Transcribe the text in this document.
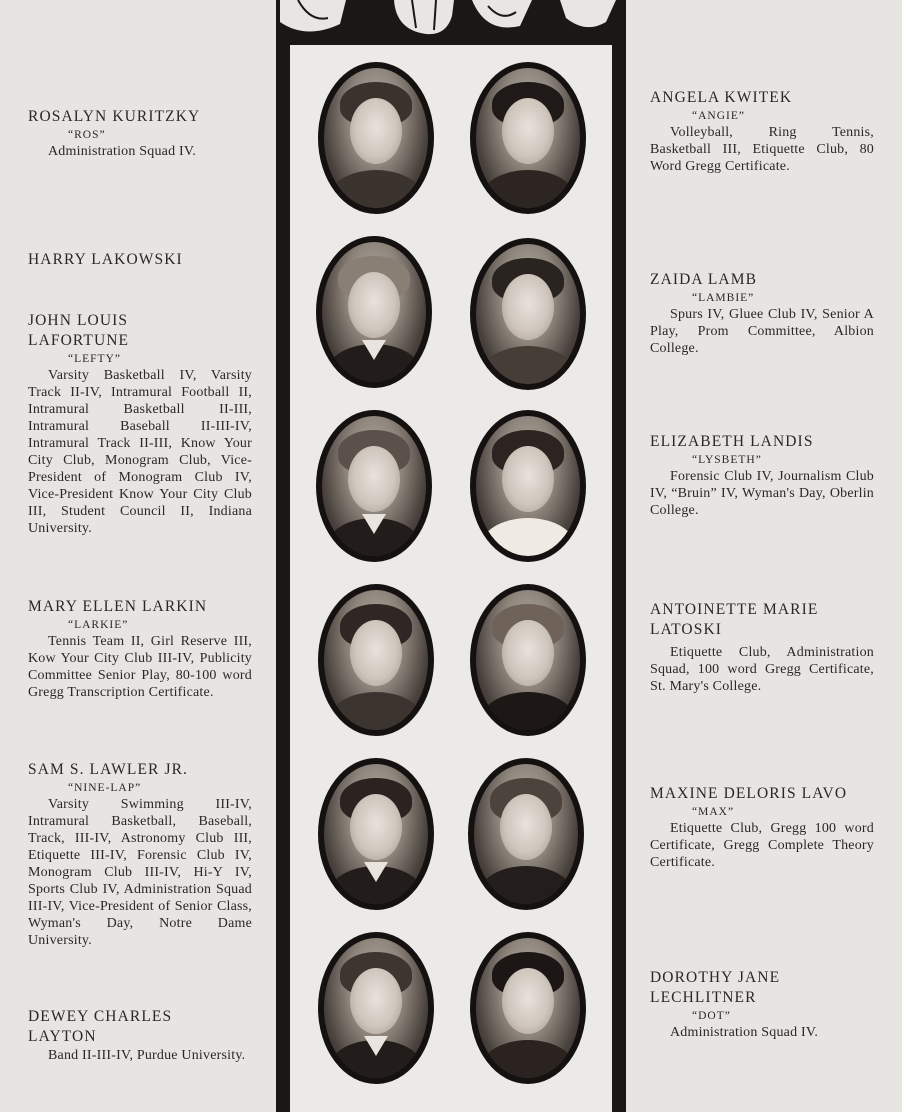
ROSALYN KURITZKY
“ROS”
Administration Squad IV.
HARRY LAKOWSKI
JOHN LOUIS
LAFORTUNE
“LEFTY”
Varsity Basketball IV, Varsity Track II-IV, Intramural Football II, Intramural Basketball II-III, Intramural Baseball II-III-IV, Intramural Track II-III, Know Your City Club, Monogram Club, Vice-President of Monogram Club IV, Vice-President Know Your City Club III, Student Council II, Indiana University.
MARY ELLEN LARKIN
“LARKIE”
Tennis Team II, Girl Reserve III, Kow Your City Club III-IV, Publicity Committee Senior Play, 80-100 word Gregg Transcription Certificate.
SAM S. LAWLER JR.
“NINE-LAP”
Varsity Swimming III-IV, Intramural Basketball, Baseball, Track, III-IV, Astronomy Club III, Etiquette III-IV, Forensic Club IV, Monogram Club III-IV, Hi-Y IV, Sports Club IV, Administration Squad III-IV, Vice-President of Senior Class, Wyman's Day, Notre Dame University.
DEWEY CHARLES
LAYTON
Band II-III-IV, Purdue University.
ANGELA KWITEK
“ANGIE”
Volleyball, Ring Tennis, Basketball III, Etiquette Club, 80 Word Gregg Certificate.
ZAIDA LAMB
“LAMBIE”
Spurs IV, Gluee Club IV, Senior A Play, Prom Committee, Albion College.
ELIZABETH LANDIS
“LYSBETH”
Forensic Club IV, Journalism Club IV, “Bruin” IV, Wyman's Day, Oberlin College.
ANTOINETTE MARIE
LATOSKI
Etiquette Club, Administration Squad, 100 word Gregg Certificate, St. Mary's College.
MAXINE DELORIS LAVO
“MAX”
Etiquette Club, Gregg 100 word Certificate, Gregg Complete Theory Certificate.
DOROTHY JANE
LECHLITNER
“DOT”
Administration Squad IV.
